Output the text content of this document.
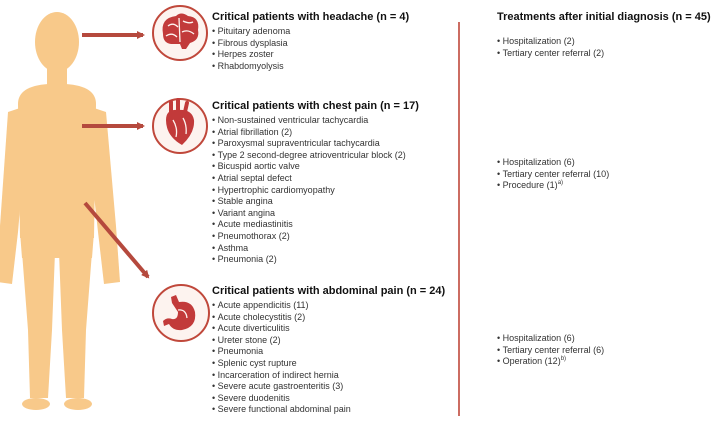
Critical patients with headache (n = 4)
• Pituitary adenoma
• Fibrous dysplasia
• Herpes zoster
• Rhabdomyolysis
Critical patients with chest pain (n = 17)
• Non-sustained ventricular tachycardia
• Atrial fibrillation (2)
• Paroxysmal supraventricular tachycardia
• Type 2 second-degree atrioventricular block (2)
• Bicuspid aortic valve
• Atrial septal defect
• Hypertrophic cardiomyopathy
• Stable angina
• Variant angina
• Acute mediastinitis
• Pneumothorax (2)
• Asthma
• Pneumonia (2)
Critical patients with abdominal pain (n = 24)
• Acute appendicitis (11)
• Acute cholecystitis (2)
• Acute diverticulitis
• Ureter stone (2)
• Pneumonia
• Splenic cyst rupture
• Incarceration of indirect hernia
• Severe acute gastroenteritis (3)
• Severe duodenitis
• Severe functional abdominal pain
Treatments after initial diagnosis (n = 45)
• Hospitalization (2)
• Tertiary center referral (2)
• Hospitalization (6)
• Tertiary center referral (10)
• Procedure $(1)^{a)}$
• Hospitalization (6)
• Tertiary center referral (6)
• Operation $(12)^{b)}$
